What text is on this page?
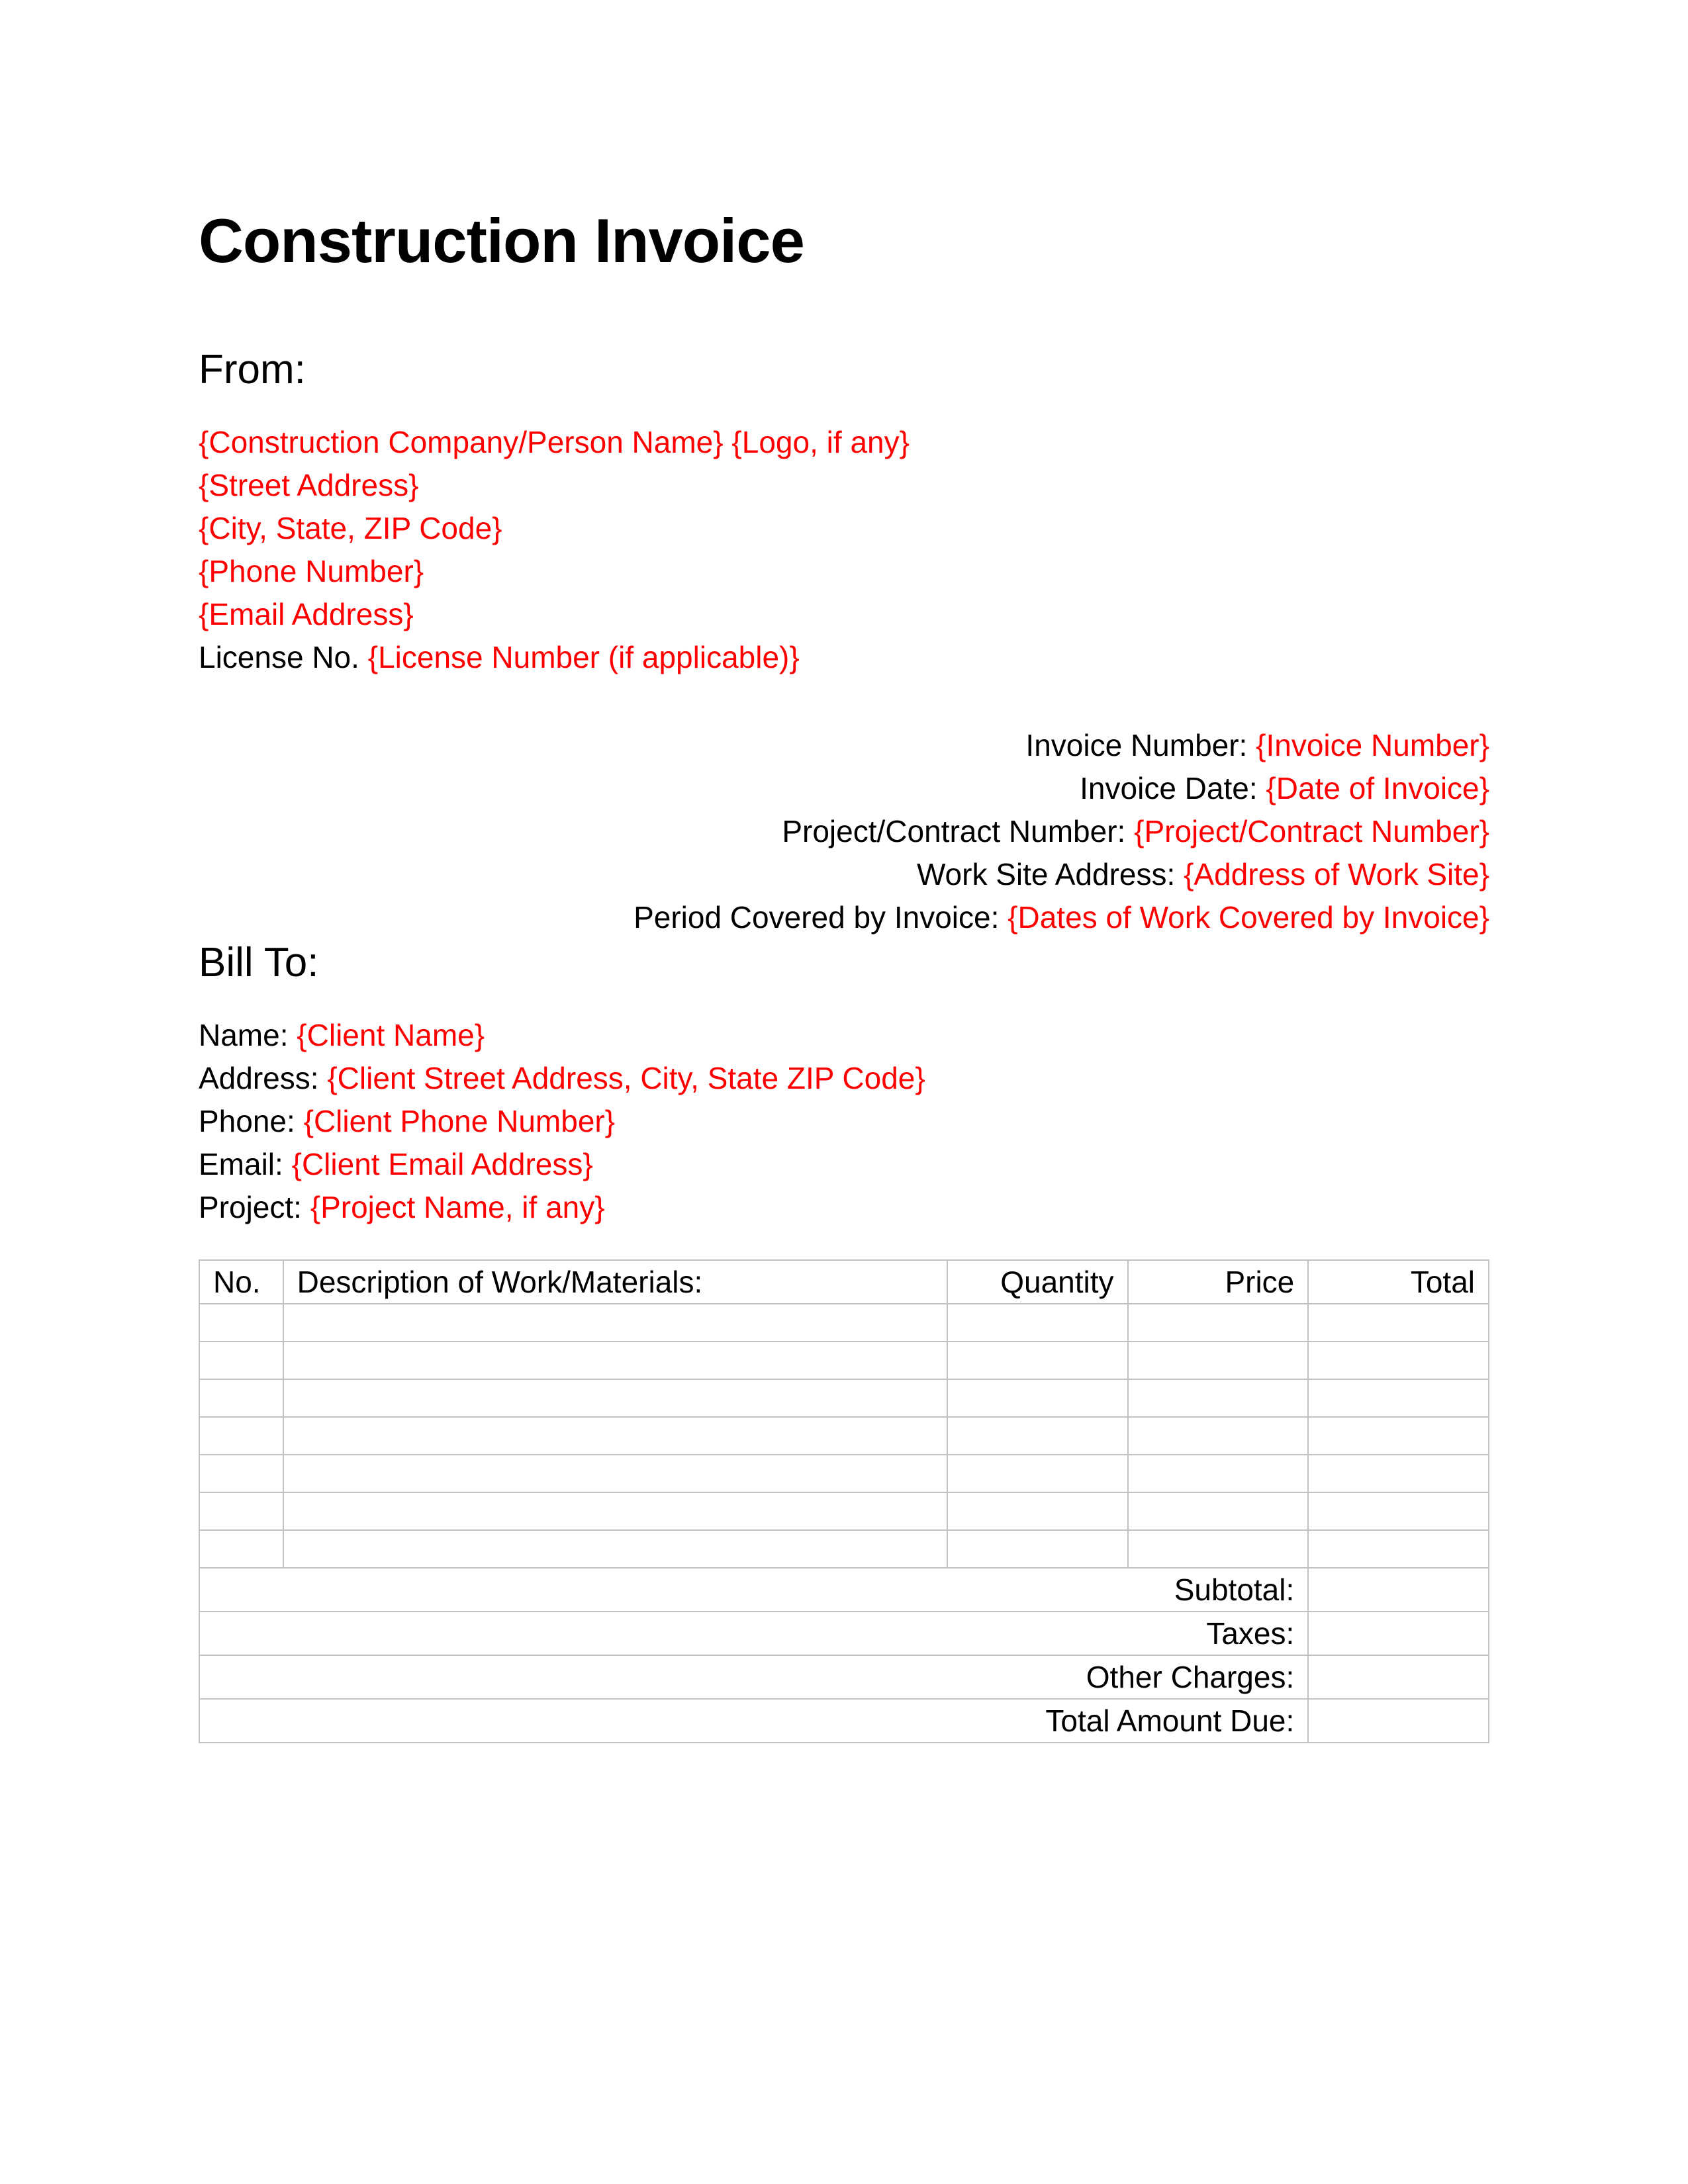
Construction Invoice
From:
{Construction Company/Person Name} {Logo, if any}
{Street Address}
{City, State, ZIP Code}
{Phone Number}
{Email Address}
License No. {License Number (if applicable)}
Invoice Number: {Invoice Number}
Invoice Date: {Date of Invoice}
Project/Contract Number: {Project/Contract Number}
Work Site Address: {Address of Work Site}
Period Covered by Invoice: {Dates of Work Covered by Invoice}
Bill To:
Name: {Client Name}
Address: {Client Street Address, City, State ZIP Code}
Phone: {Client Phone Number}
Email: {Client Email Address}
Project: {Project Name, if any}
No.	Description of Work/Materials:	Quantity	Price	Total

Subtotal:				
Taxes:				
Other Charges:				
Total Amount Due:				
